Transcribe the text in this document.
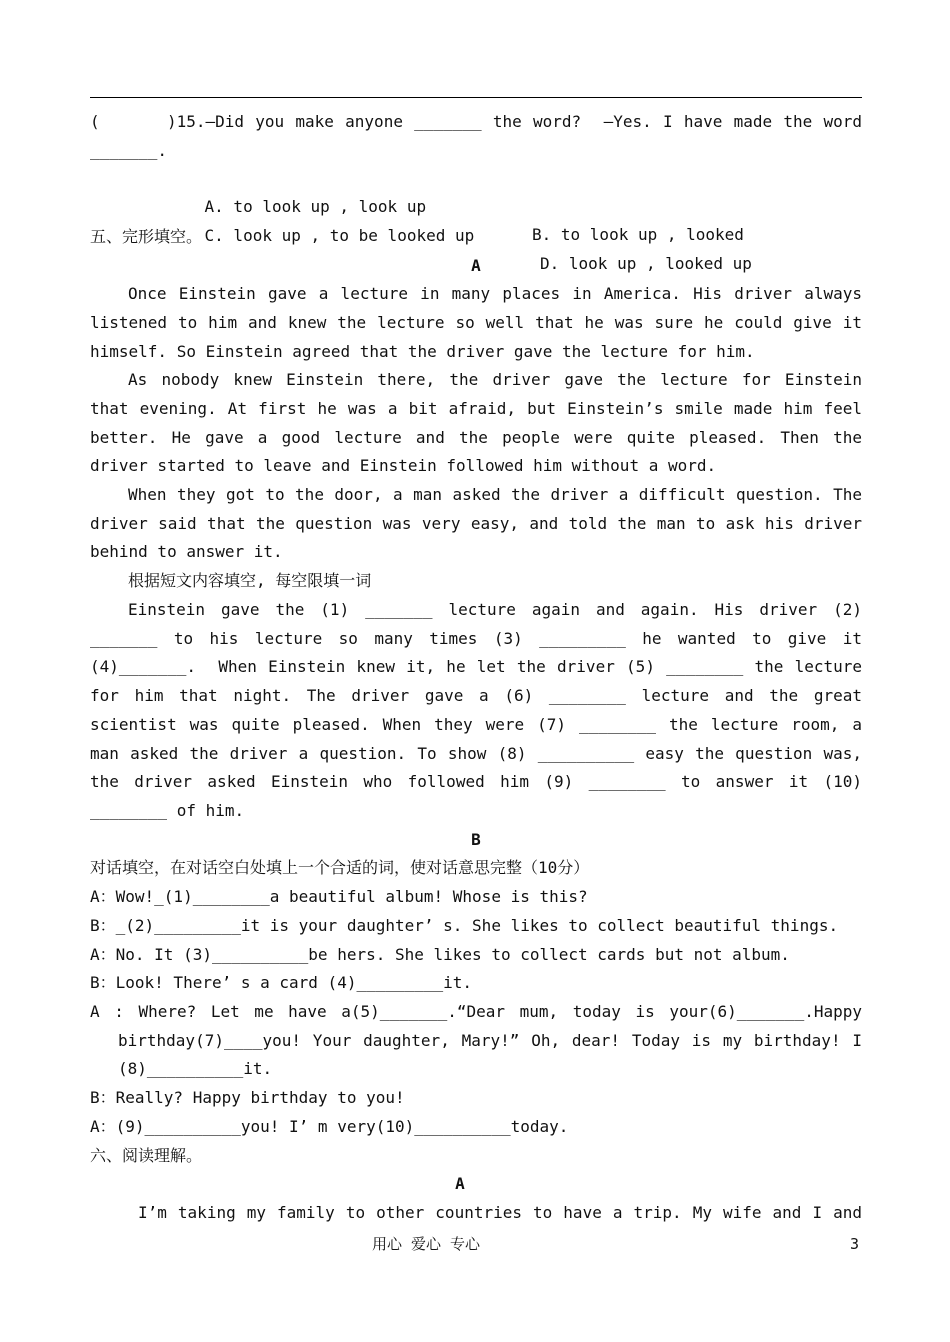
(      )15.—Did you make anyone _______ the word?  —Yes. I have made the word
_______.

A. to look up , look up

B. to look up , looked

C. look up , to be looked up

D. look up , looked up

五、完形填空。
A
Once Einstein gave a lecture in many places in America. His driver always
listened to him and knew the lecture so well that he was sure he could give it
himself. So Einstein agreed that the driver gave the lecture for him.
As nobody knew Einstein there, the driver gave the lecture for Einstein
that evening. At first he was a bit afraid, but Einstein’s smile made him feel
better. He gave a good lecture and the people were quite pleased. Then the
driver started to leave and Einstein followed him without a word.
When they got to the door, a man asked the driver a difficult question. The
driver said that the question was very easy, and told the man to ask his driver
behind to answer it.
根据短文内容填空, 每空限填一词
Einstein gave the (1) _______ lecture again and again. His driver (2)
_______ to his lecture so many times (3) _________ he wanted to give it
(4)_______.  When Einstein knew it, he let the driver (5) ________ the lecture
for him that night. The driver gave a (6) ________ lecture and the great
scientist was quite pleased. When they were (7) ________ the lecture room, a
man asked the driver a question. To show (8) __________ easy the question was,
the driver asked Einstein who followed him (9) ________ to answer it (10)
________ of him.
B
对话填空，在对话空白处填上一个合适的词，使对话意思完整（10分）
A：Wow!_(1)________a beautiful album! Whose is this?
B：_(2)_________it is your daughter’ s. She likes to collect beautiful things.
A：No. It (3)__________be hers. She likes to collect cards but not album.
B：Look! There’ s a card (4)_________it.
A : Where? Let me have a(5)_______.“Dear mum, today is your(6)_______.Happy
birthday(7)____you! Your daughter, Mary!” Oh, dear! Today is my birthday! I
(8)__________it.
B：Really? Happy birthday to you!
A：(9)__________you! I’ m very(10)__________today.
六、阅读理解。
A
I’m taking my family to other countries to have a trip. My wife and I and
用心 爱心 专心	3
